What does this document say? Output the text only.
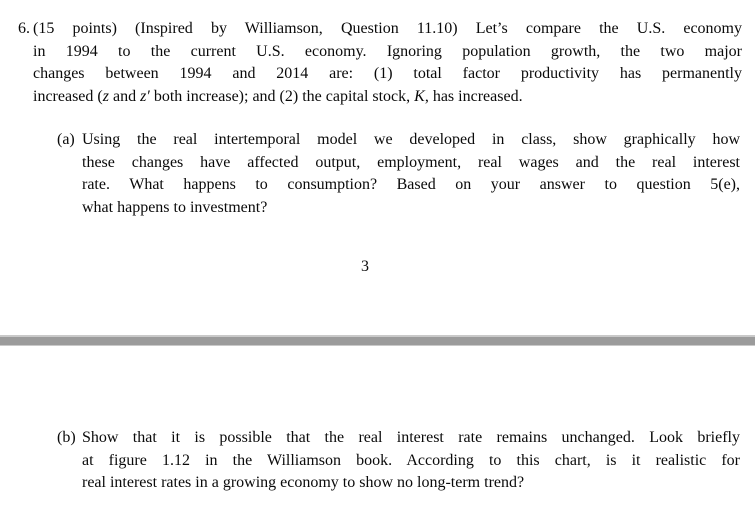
6. (15 points) (Inspired by Williamson, Question 11.10) Let’s compare the U.S. economy
in 1994 to the current U.S. economy. Ignoring population growth, the two major
changes between 1994 and 2014 are: (1) total factor productivity has permanently
increased (z and z′ both increase); and (2) the capital stock, K, has increased.
(a) Using the real intertemporal model we developed in class, show graphically how
these changes have affected output, employment, real wages and the real interest
rate. What happens to consumption? Based on your answer to question 5(e),
what happens to investment?
3
(b) Show that it is possible that the real interest rate remains unchanged. Look briefly
at figure 1.12 in the Williamson book. According to this chart, is it realistic for
real interest rates in a growing economy to show no long-term trend?
